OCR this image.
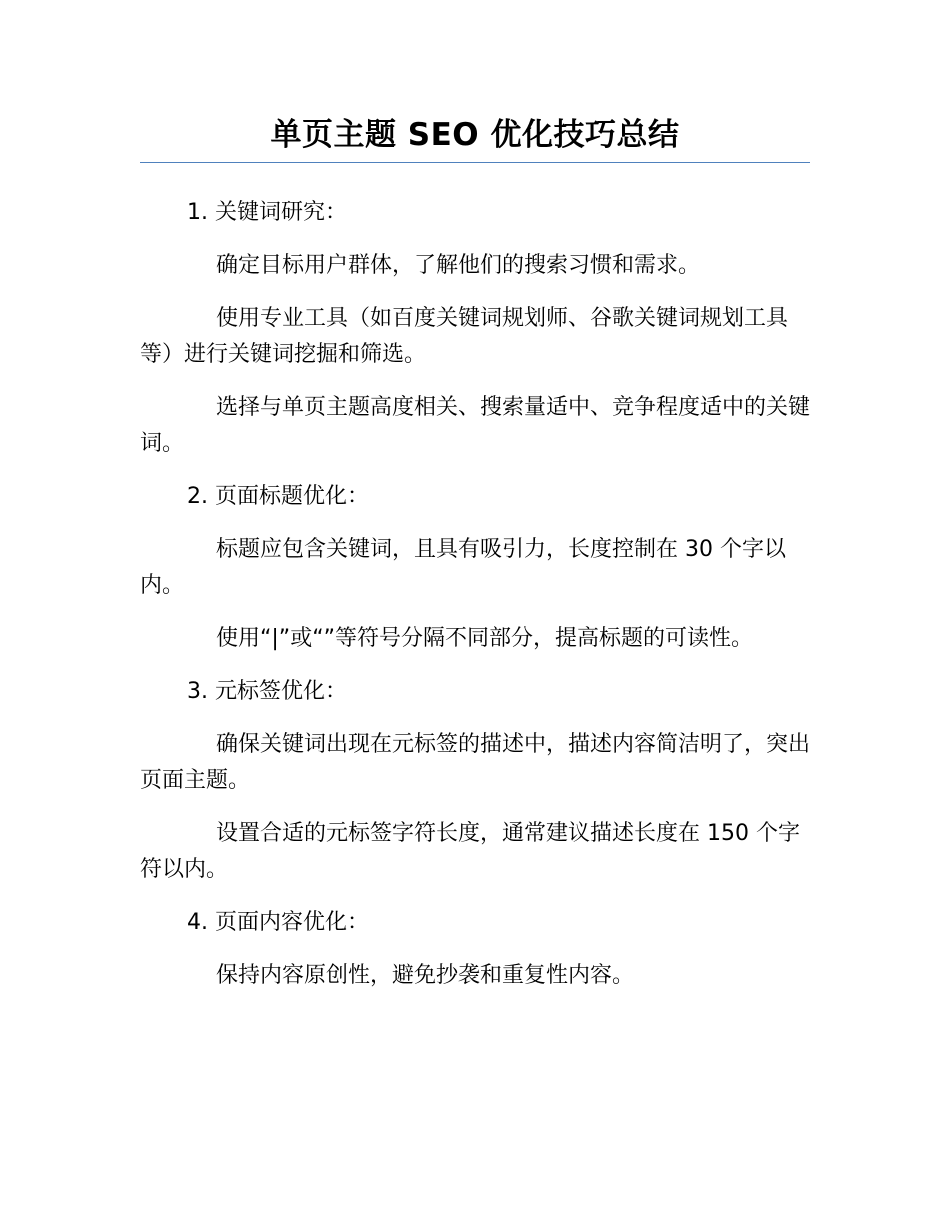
单页主题 SEO 优化技巧总结

1. 关键词研究：

确定目标用户群体，了解他们的搜索习惯和需求。

使用专业工具（如百度关键词规划师、谷歌关键词规划工具等）进行关键词挖掘和筛选。

选择与单页主题高度相关、搜索量适中、竞争程度适中的关键词。

2. 页面标题优化：

标题应包含关键词，且具有吸引力，长度控制在 30 个字以内。

使用“|”或“”等符号分隔不同部分，提高标题的可读性。

3. 元标签优化：

确保关键词出现在元标签的描述中，描述内容简洁明了，突出页面主题。

设置合适的元标签字符长度，通常建议描述长度在 150 个字符以内。

4. 页面内容优化：

保持内容原创性，避免抄袭和重复性内容。
